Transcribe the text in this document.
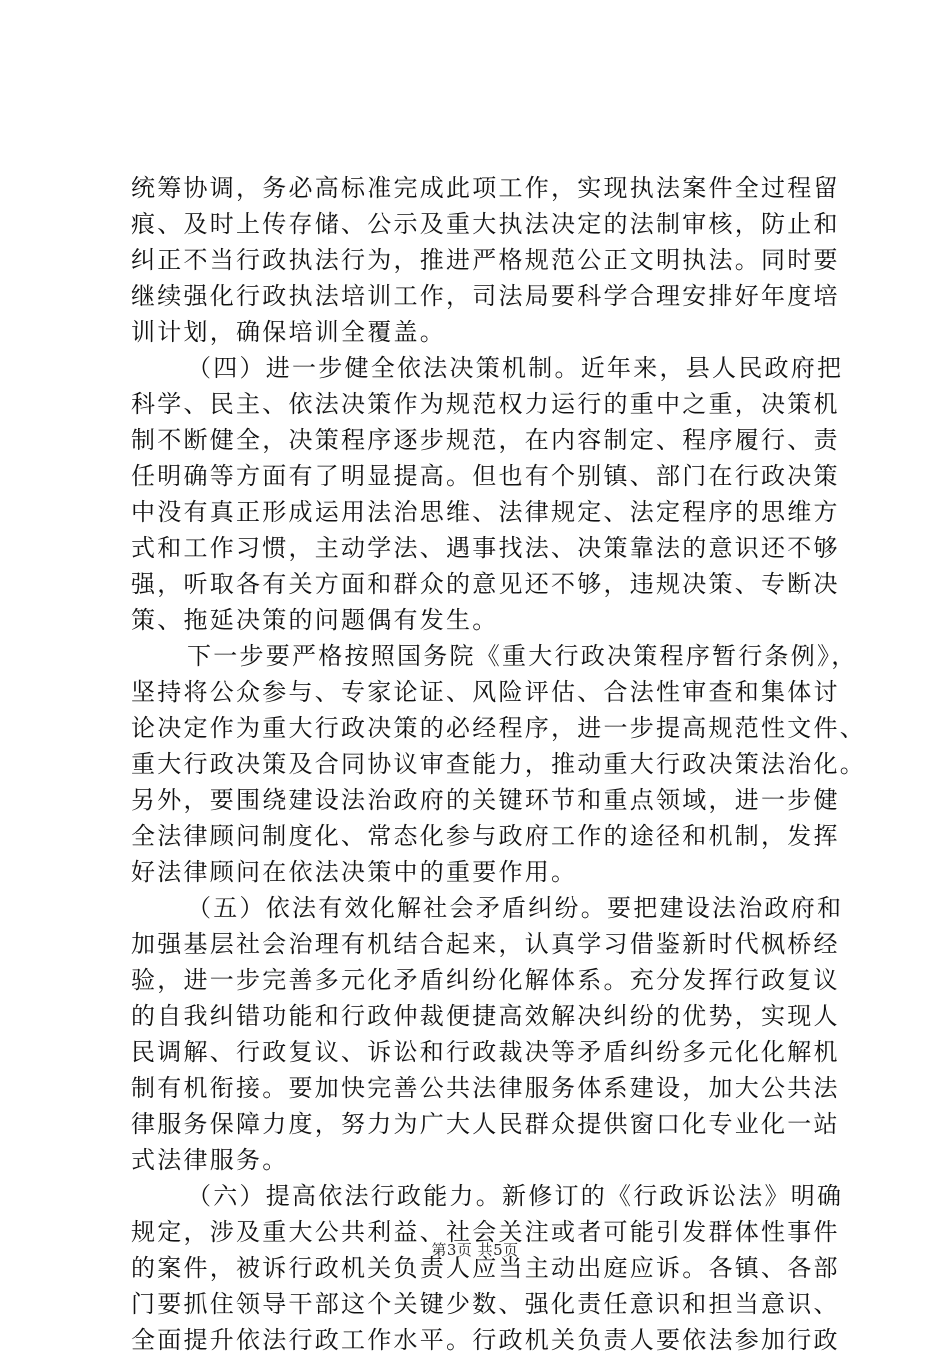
统筹协调，务必高标准完成此项工作，实现执法案件全过程留
痕、及时上传存储、公示及重大执法决定的法制审核，防止和
纠正不当行政执法行为，推进严格规范公正文明执法。同时要
继续强化行政执法培训工作，司法局要科学合理安排好年度培
训计划，确保培训全覆盖。
（四）进一步健全依法决策机制。近年来，县人民政府把
科学、民主、依法决策作为规范权力运行的重中之重，决策机
制不断健全，决策程序逐步规范，在内容制定、程序履行、责
任明确等方面有了明显提高。但也有个别镇、部门在行政决策
中没有真正形成运用法治思维、法律规定、法定程序的思维方
式和工作习惯，主动学法、遇事找法、决策靠法的意识还不够
强，听取各有关方面和群众的意见还不够，违规决策、专断决
策、拖延决策的问题偶有发生。
下一步要严格按照国务院《重大行政决策程序暂行条例》，
坚持将公众参与、专家论证、风险评估、合法性审查和集体讨
论决定作为重大行政决策的必经程序，进一步提高规范性文件、
重大行政决策及合同协议审查能力，推动重大行政决策法治化。
另外，要围绕建设法治政府的关键环节和重点领域，进一步健
全法律顾问制度化、常态化参与政府工作的途径和机制，发挥
好法律顾问在依法决策中的重要作用。
（五）依法有效化解社会矛盾纠纷。要把建设法治政府和
加强基层社会治理有机结合起来，认真学习借鉴新时代枫桥经
验，进一步完善多元化矛盾纠纷化解体系。充分发挥行政复议
的自我纠错功能和行政仲裁便捷高效解决纠纷的优势，实现人
民调解、行政复议、诉讼和行政裁决等矛盾纠纷多元化化解机
制有机衔接。要加快完善公共法律服务体系建设，加大公共法
律服务保障力度，努力为广大人民群众提供窗口化专业化一站
式法律服务。
（六）提高依法行政能力。新修订的《行政诉讼法》明确
规定，涉及重大公共利益、社会关注或者可能引发群体性事件
的案件，被诉行政机关负责人应当主动出庭应诉。各镇、各部
门要抓住领导干部这个关键少数、强化责任意识和担当意识、
全面提升依法行政工作水平。行政机关负责人要依法参加行政
第3页 共5页
